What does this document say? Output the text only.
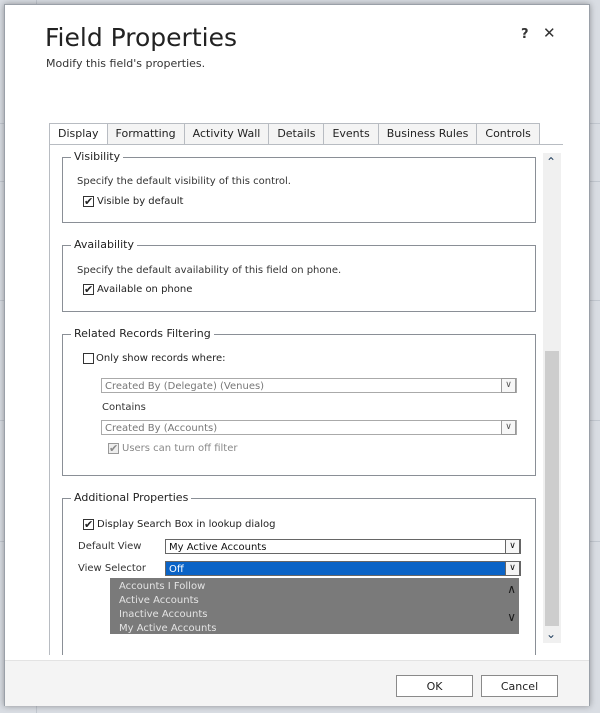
Field Properties
Modify this field's properties.
? ✕
Display	Formatting	Activity Wall	Details	Events	Business Rules	Controls
Visibility
Specify the default visibility of this control.
✔ Visible by default
Availability
Specify the default availability of this field on phone.
✔ Available on phone
Related Records Filtering
Only show records where:
Created By (Delegate) (Venues)	∨
Contains
Created By (Accounts)	∨
✔ Users can turn off filter
Additional Properties
✔ Display Search Box in lookup dialog
Default View	My Active Accounts	∨
View Selector	Off	∨
Accounts I Follow
Active Accounts
Inactive Accounts
My Active Accounts
∧
∨
⌃
⌄
OK	Cancel
